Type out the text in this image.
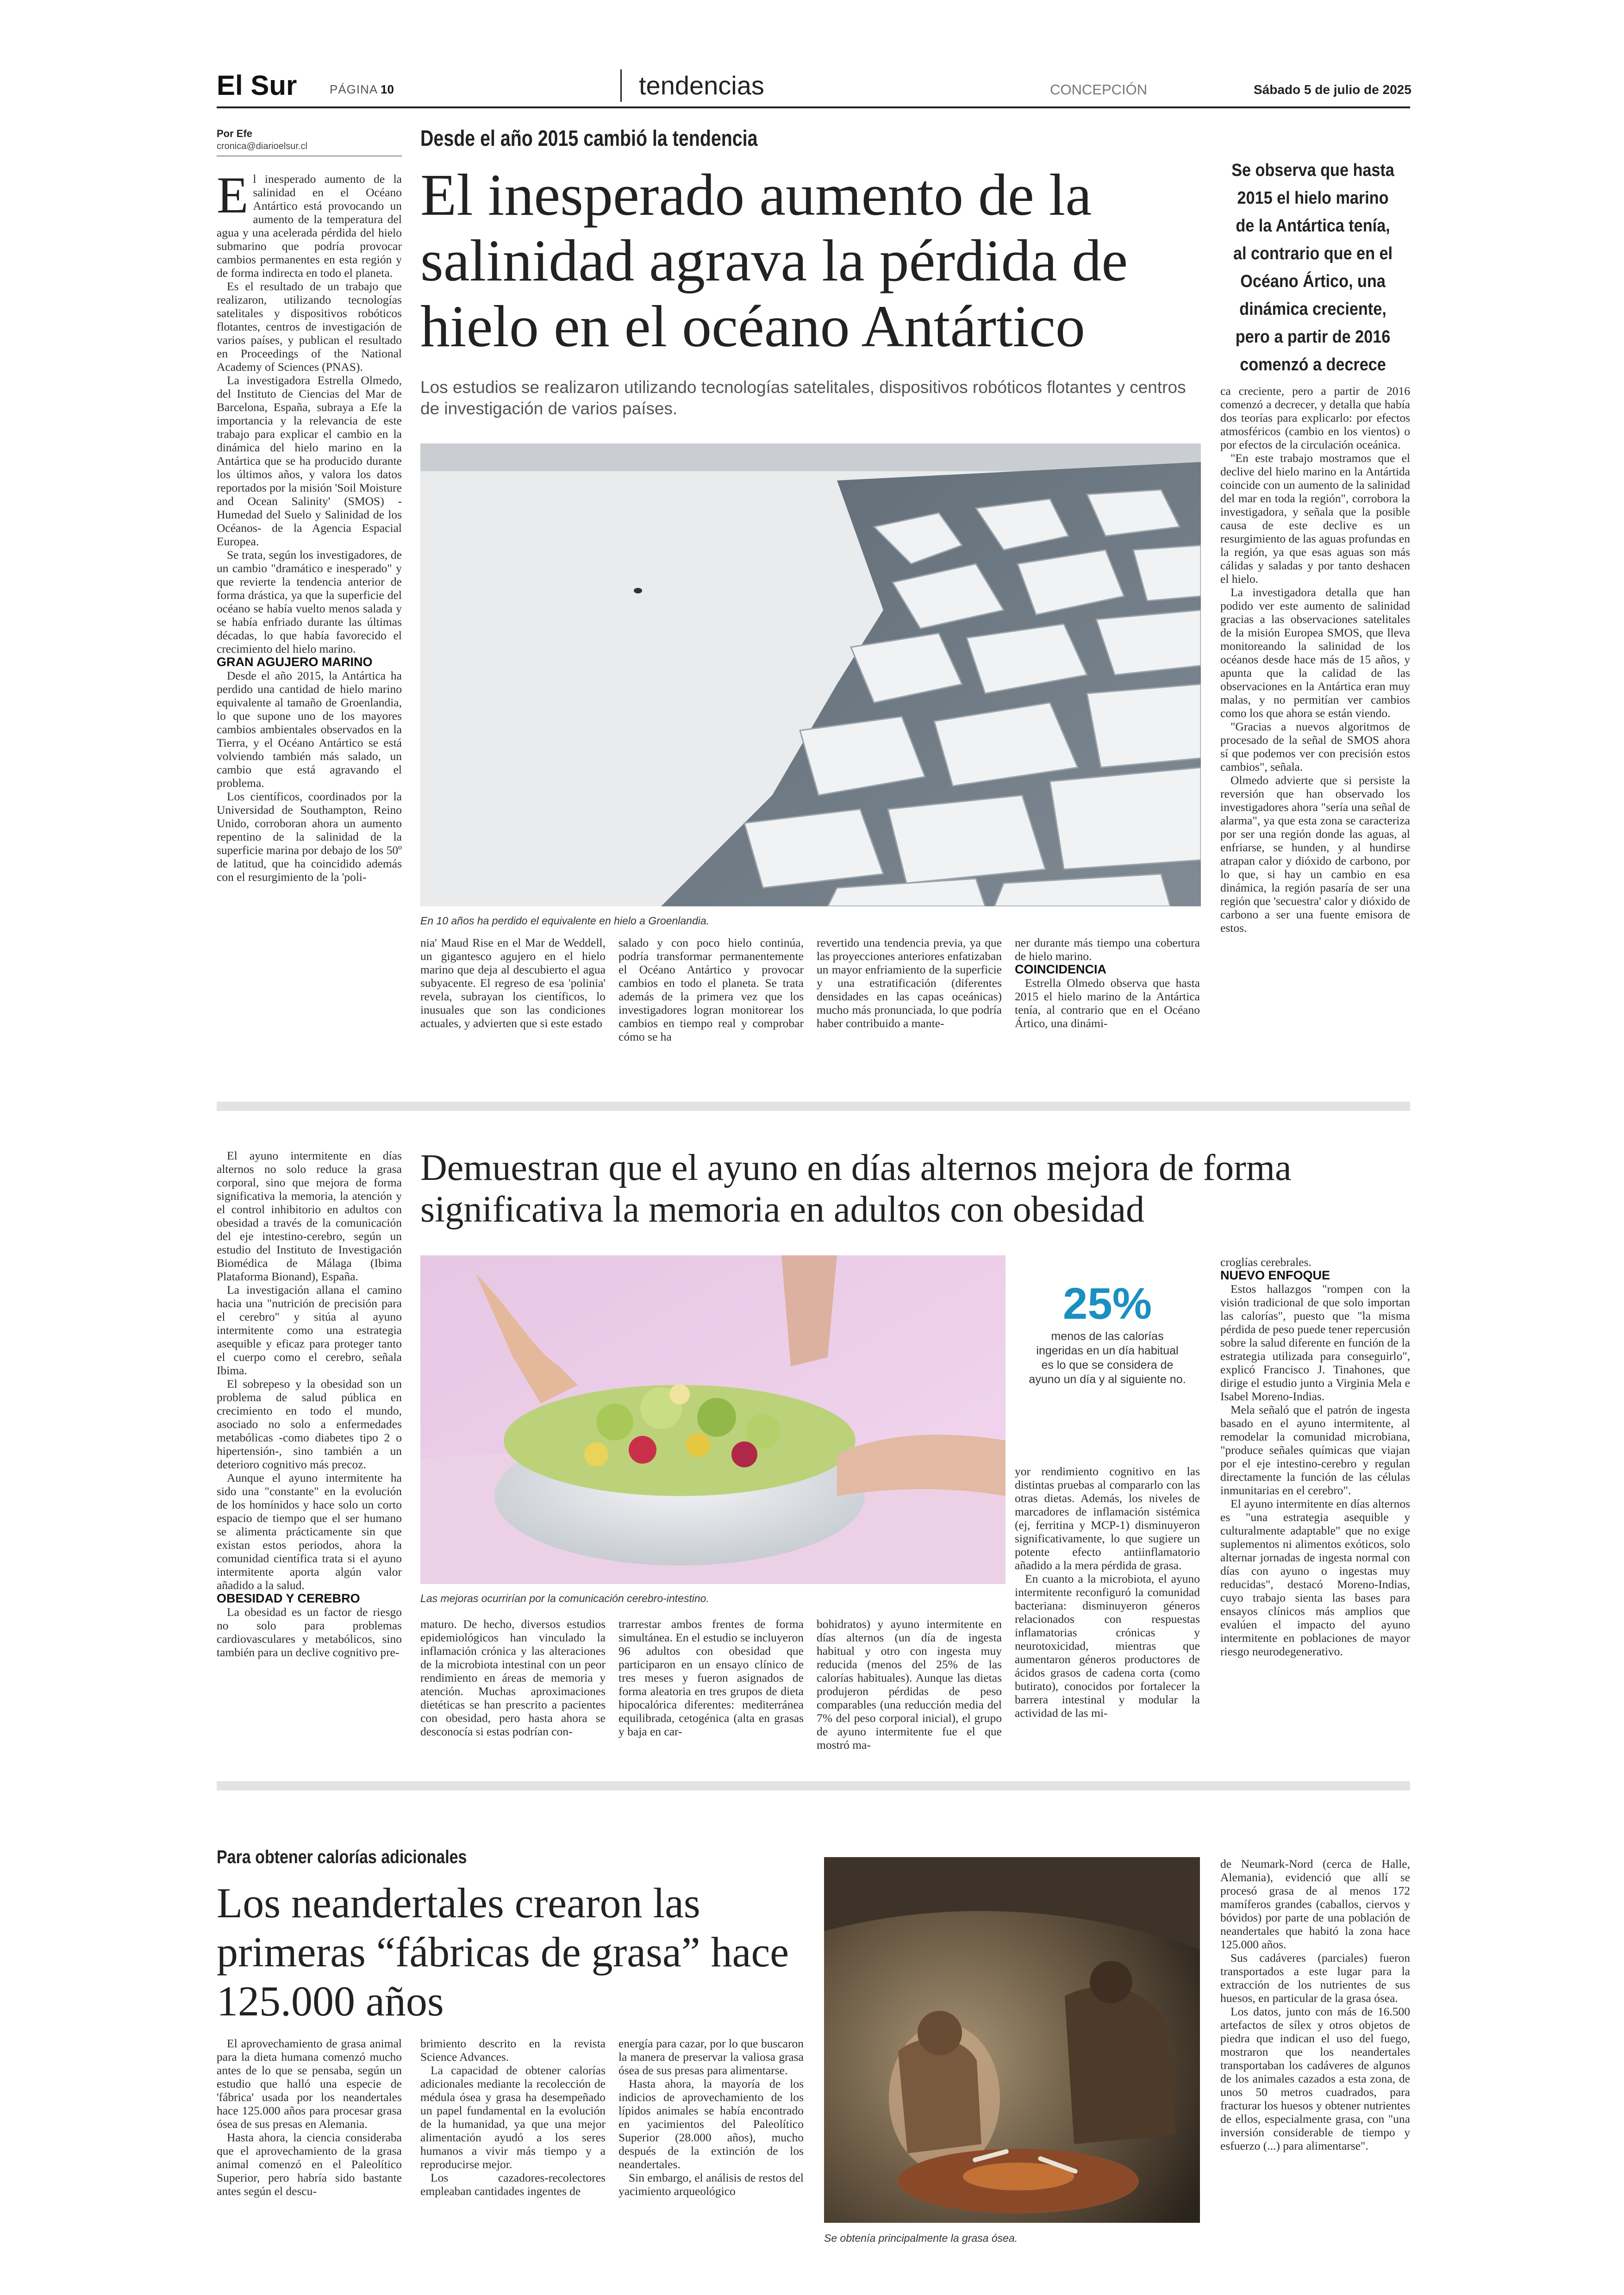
El Sur	PÁGINA 10	tendencias	CONCEPCIÓN	Sábado 5 de julio de 2025
Por Efe
cronica@diarioelsur.cl	Desde el año 2015 cambió la tendencia
El inesperado aumento de la salinidad agrava la pérdida de hielo en el océano Antártico
Los estudios se realizaron utilizando tecnologías satelitales, dispositivos robóticos flotantes y centros de investigación de varios países.
Se observa que hasta 2015 el hielo marino de la Antártica tenía, al contrario que en el Océano Ártico, una dinámica creciente, pero a partir de 2016 comenzó a decrece

El inesperado aumento de la salinidad en el Océano Antártico está provocando un aumento de la temperatura del agua y una acelerada pérdida del hielo submarino que podría provocar cambios permanentes en esta región y de forma indirecta en todo el planeta.

Es el resultado de un trabajo que realizaron, utilizando tecnologías satelitales y dispositivos robóticos flotantes, centros de investigación de varios países, y publican el resultado en Proceedings of the National Academy of Sciences (PNAS).

La investigadora Estrella Olmedo, del Instituto de Ciencias del Mar de Barcelona, España, subraya a Efe la importancia y la relevancia de este trabajo para explicar el cambio en la dinámica del hielo marino en la Antártica que se ha producido durante los últimos años, y valora los datos reportados por la misión 'Soil Moisture and Ocean Salinity' (SMOS) - Humedad del Suelo y Salinidad de los Océanos- de la Agencia Espacial Europea.

Se trata, según los investigadores, de un cambio "dramático e inesperado" y que revierte la tendencia anterior de forma drástica, ya que la superficie del océano se había vuelto menos salada y se había enfriado durante las últimas décadas, lo que había favorecido el crecimiento del hielo marino.

GRAN AGUJERO MARINO

Desde el año 2015, la Antártica ha perdido una cantidad de hielo marino equivalente al tamaño de Groenlandia, lo que supone uno de los mayores cambios ambientales observados en la Tierra, y el Océano Antártico se está volviendo también más salado, un cambio que está agravando el problema.

Los científicos, coordinados por la Universidad de Southampton, Reino Unido, corroboran ahora un aumento repentino de la salinidad de la superficie marina por debajo de los 50º de latitud, que ha coincidido además con el resurgimiento de la 'poli-

En 10 años ha perdido el equivalente en hielo a Groenlandia.

nia' Maud Rise en el Mar de Weddell, un gigantesco agujero en el hielo marino que deja al descubierto el agua subyacente. El regreso de esa 'polinia' revela, subrayan los científicos, lo inusuales que son las condiciones actuales, y advierten que si este estado

salado y con poco hielo continúa, podría transformar permanentemente el Océano Antártico y provocar cambios en todo el planeta. Se trata además de la primera vez que los investigadores logran monitorear los cambios en tiempo real y comprobar cómo se ha

revertido una tendencia previa, ya que las proyecciones anteriores enfatizaban un mayor enfriamiento de la superficie y una estratificación (diferentes densidades en las capas oceánicas) mucho más pronunciada, lo que podría haber contribuido a mante-

ner durante más tiempo una cobertura de hielo marino.

COINCIDENCIA

Estrella Olmedo observa que hasta 2015 el hielo marino de la Antártica tenía, al contrario que en el Océano Ártico, una dinámi-

ca creciente, pero a partir de 2016 comenzó a decrecer, y detalla que había dos teorías para explicarlo: por efectos atmosféricos (cambio en los vientos) o por efectos de la circulación oceánica.

"En este trabajo mostramos que el declive del hielo marino en la Antártida coincide con un aumento de la salinidad del mar en toda la región", corrobora la investigadora, y señala que la posible causa de este declive es un resurgimiento de las aguas profundas en la región, ya que esas aguas son más cálidas y saladas y por tanto deshacen el hielo.

La investigadora detalla que han podido ver este aumento de salinidad gracias a las observaciones satelitales de la misión Europea SMOS, que lleva monitoreando la salinidad de los océanos desde hace más de 15 años, y apunta que la calidad de las observaciones en la Antártica eran muy malas, y no permitían ver cambios como los que ahora se están viendo.

"Gracias a nuevos algoritmos de procesado de la señal de SMOS ahora sí que podemos ver con precisión estos cambios", señala.

Olmedo advierte que si persiste la reversión que han observado los investigadores ahora "sería una señal de alarma", ya que esta zona se caracteriza por ser una región donde las aguas, al enfriarse, se hunden, y al hundirse atrapan calor y dióxido de carbono, por lo que, si hay un cambio en esa dinámica, la región pasaría de ser una región que 'secuestra' calor y dióxido de carbono a ser una fuente emisora de estos.

El ayuno intermitente en días alternos no solo reduce la grasa corporal, sino que mejora de forma significativa la memoria, la atención y el control inhibitorio en adultos con obesidad a través de la comunicación del eje intestino-cerebro, según un estudio del Instituto de Investigación Biomédica de Málaga (Ibima Plataforma Bionand), España.

La investigación allana el camino hacia una "nutrición de precisión para el cerebro" y sitúa al ayuno intermitente como una estrategia asequible y eficaz para proteger tanto el cuerpo como el cerebro, señala Ibima.

El sobrepeso y la obesidad son un problema de salud pública en crecimiento en todo el mundo, asociado no solo a enfermedades metabólicas -como diabetes tipo 2 o hipertensión-, sino también a un deterioro cognitivo más precoz.

Aunque el ayuno intermitente ha sido una "constante" en la evolución de los homínidos y hace solo un corto espacio de tiempo que el ser humano se alimenta prácticamente sin que existan estos periodos, ahora la comunidad científica trata si el ayuno intermitente aporta algún valor añadido a la salud.

OBESIDAD Y CEREBRO

La obesidad es un factor de riesgo no solo para problemas cardiovasculares y metabólicos, sino también para un declive cognitivo pre-

Demuestran que el ayuno en días alternos mejora de forma significativa la memoria en adultos con obesidad
Las mejoras ocurrirían por la comunicación cerebro-intestino.
25%
menos de las calorías ingeridas en un día habitual es lo que se considera de ayuno un día y al siguiente no.

maturo. De hecho, diversos estudios epidemiológicos han vinculado la inflamación crónica y las alteraciones de la microbiota intestinal con un peor rendimiento en áreas de memoria y atención. Muchas aproximaciones dietéticas se han prescrito a pacientes con obesidad, pero hasta ahora se desconocía si estas podrían con-

trarrestar ambos frentes de forma simultánea. En el estudio se incluyeron 96 adultos con obesidad que participaron en un ensayo clínico de tres meses y fueron asignados de forma aleatoria en tres grupos de dieta hipocalórica diferentes: mediterránea equilibrada, cetogénica (alta en grasas y baja en car-

bohidratos) y ayuno intermitente en días alternos (un día de ingesta habitual y otro con ingesta muy reducida (menos del 25% de las calorías habituales). Aunque las dietas produjeron pérdidas de peso comparables (una reducción media del 7% del peso corporal inicial), el grupo de ayuno intermitente fue el que mostró ma-

yor rendimiento cognitivo en las distintas pruebas al compararlo con las otras dietas. Además, los niveles de marcadores de inflamación sistémica (ej, ferritina y MCP-1) disminuyeron significativamente, lo que sugiere un potente efecto antiinflamatorio añadido a la mera pérdida de grasa.

En cuanto a la microbiota, el ayuno intermitente reconfiguró la comunidad bacteriana: disminuyeron géneros relacionados con respuestas inflamatorias crónicas y neurotoxicidad, mientras que aumentaron géneros productores de ácidos grasos de cadena corta (como butirato), conocidos por fortalecer la barrera intestinal y modular la actividad de las mi-

croglías cerebrales.

NUEVO ENFOQUE

Estos hallazgos "rompen con la visión tradicional de que solo importan las calorías", puesto que "la misma pérdida de peso puede tener repercusión sobre la salud diferente en función de la estrategia utilizada para conseguirlo", explicó Francisco J. Tinahones, que dirige el estudio junto a Virginia Mela e Isabel Moreno-Indias.

Mela señaló que el patrón de ingesta basado en el ayuno intermitente, al remodelar la comunidad microbiana, "produce señales químicas que viajan por el eje intestino-cerebro y regulan directamente la función de las células inmunitarias en el cerebro".

El ayuno intermitente en días alternos es "una estrategia asequible y culturalmente adaptable" que no exige suplementos ni alimentos exóticos, solo alternar jornadas de ingesta normal con días con ayuno o ingestas muy reducidas", destacó Moreno-Indias, cuyo trabajo sienta las bases para ensayos clínicos más amplios que evalúen el impacto del ayuno intermitente en poblaciones de mayor riesgo neurodegenerativo.

Para obtener calorías adicionales
Los neandertales crearon las primeras “fábricas de grasa” hace 125.000 años

El aprovechamiento de grasa animal para la dieta humana comenzó mucho antes de lo que se pensaba, según un estudio que halló una especie de 'fábrica' usada por los neandertales hace 125.000 años para procesar grasa ósea de sus presas en Alemania.

Hasta ahora, la ciencia consideraba que el aprovechamiento de la grasa animal comenzó en el Paleolítico Superior, pero habría sido bastante antes según el descu-

brimiento descrito en la revista Science Advances.

La capacidad de obtener calorías adicionales mediante la recolección de médula ósea y grasa ha desempeñado un papel fundamental en la evolución de la humanidad, ya que una mejor alimentación ayudó a los seres humanos a vivir más tiempo y a reproducirse mejor.

Los cazadores-recolectores empleaban cantidades ingentes de

energía para cazar, por lo que buscaron la manera de preservar la valiosa grasa ósea de sus presas para alimentarse.

Hasta ahora, la mayoría de los indicios de aprovechamiento de los lípidos animales se había encontrado en yacimientos del Paleolítico Superior (28.000 años), mucho después de la extinción de los neandertales.

Sin embargo, el análisis de restos del yacimiento arqueológico

Se obtenía principalmente la grasa ósea.

de Neumark-Nord (cerca de Halle, Alemania), evidenció que allí se procesó grasa de al menos 172 mamíferos grandes (caballos, ciervos y bóvidos) por parte de una población de neandertales que habitó la zona hace 125.000 años.

Sus cadáveres (parciales) fueron transportados a este lugar para la extracción de los nutrientes de sus huesos, en particular de la grasa ósea.

Los datos, junto con más de 16.500 artefactos de sílex y otros objetos de piedra que indican el uso del fuego, mostraron que los neandertales transportaban los cadáveres de algunos de los animales cazados a esta zona, de unos 50 metros cuadrados, para fracturar los huesos y obtener nutrientes de ellos, especialmente grasa, con "una inversión considerable de tiempo y esfuerzo (...) para alimentarse".
